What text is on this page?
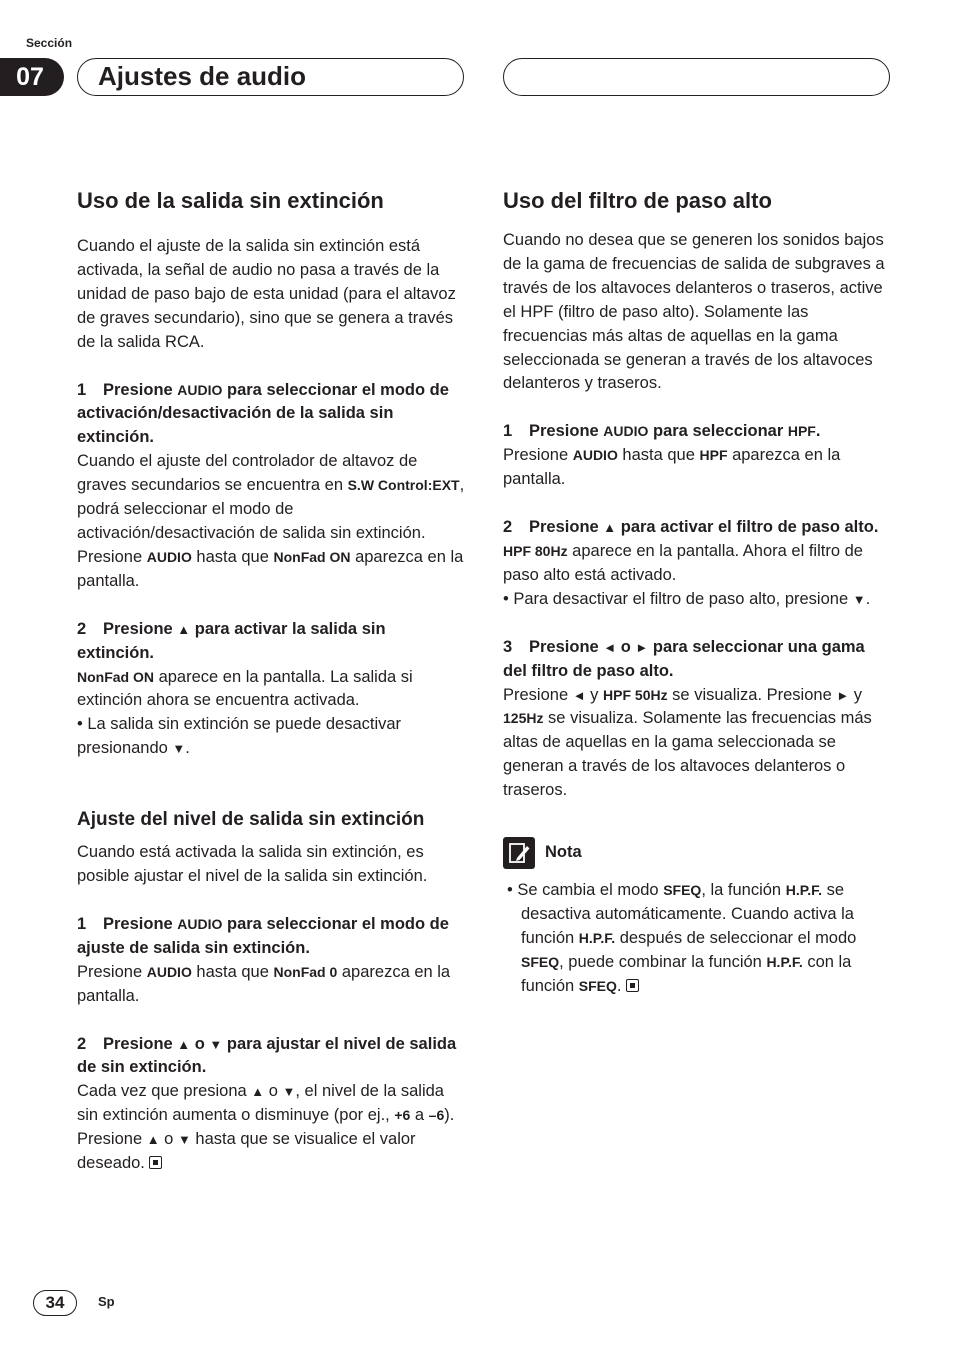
Sección
07	Ajustes de audio
Uso de la salida sin extinción

Cuando el ajuste de la salida sin extinción está activada, la señal de audio no pasa a través de la unidad de paso bajo de esta unidad (para el altavoz de graves secundario), sino que se genera a través de la salida RCA.

1 Presione AUDIO para seleccionar el modo de activación/desactivación de la salida sin extinción.

Cuando el ajuste del controlador de altavoz de graves secundarios se encuentra en S.W Control:EXT, podrá seleccionar el modo de activación/desactivación de salida sin extinción.

Presione AUDIO hasta que NonFad ON aparezca en la pantalla.

2 Presione ▲ para activar la salida sin extinción.

NonFad ON aparece en la pantalla. La salida si extinción ahora se encuentra activada.

• La salida sin extinción se puede desactivar presionando ▼.

Ajuste del nivel de salida sin extinción

Cuando está activada la salida sin extinción, es posible ajustar el nivel de la salida sin extinción.

1 Presione AUDIO para seleccionar el modo de ajuste de salida sin extinción.

Presione AUDIO hasta que NonFad 0 aparezca en la pantalla.

2 Presione ▲ o ▼ para ajustar el nivel de salida de sin extinción.

Cada vez que presiona ▲ o ▼, el nivel de la salida sin extinción aumenta o disminuye (por ej., +6 a –6).

Presione ▲ o ▼ hasta que se visualice el valor deseado.

Uso del filtro de paso alto

Cuando no desea que se generen los sonidos bajos de la gama de frecuencias de salida de subgraves a través de los altavoces delanteros o traseros, active el HPF (filtro de paso alto). Solamente las frecuencias más altas de aquellas en la gama seleccionada se generan a través de los altavoces delanteros y traseros.

1 Presione AUDIO para seleccionar HPF.

Presione AUDIO hasta que HPF aparezca en la pantalla.

2 Presione ▲ para activar el filtro de paso alto.

HPF 80Hz aparece en la pantalla. Ahora el filtro de paso alto está activado.

• Para desactivar el filtro de paso alto, presione ▼.

3 Presione ◄ o ► para seleccionar una gama del filtro de paso alto.

Presione ◄ y HPF 50Hz se visualiza. Presione ► y 125Hz se visualiza. Solamente las frecuencias más altas de aquellas en la gama seleccionada se generan a través de los altavoces delanteros o traseros.

Nota

• Se cambia el modo SFEQ, la función H.P.F. se desactiva automáticamente. Cuando activa la función H.P.F. después de seleccionar el modo SFEQ, puede combinar la función H.P.F. con la función SFEQ.

34	Sp
